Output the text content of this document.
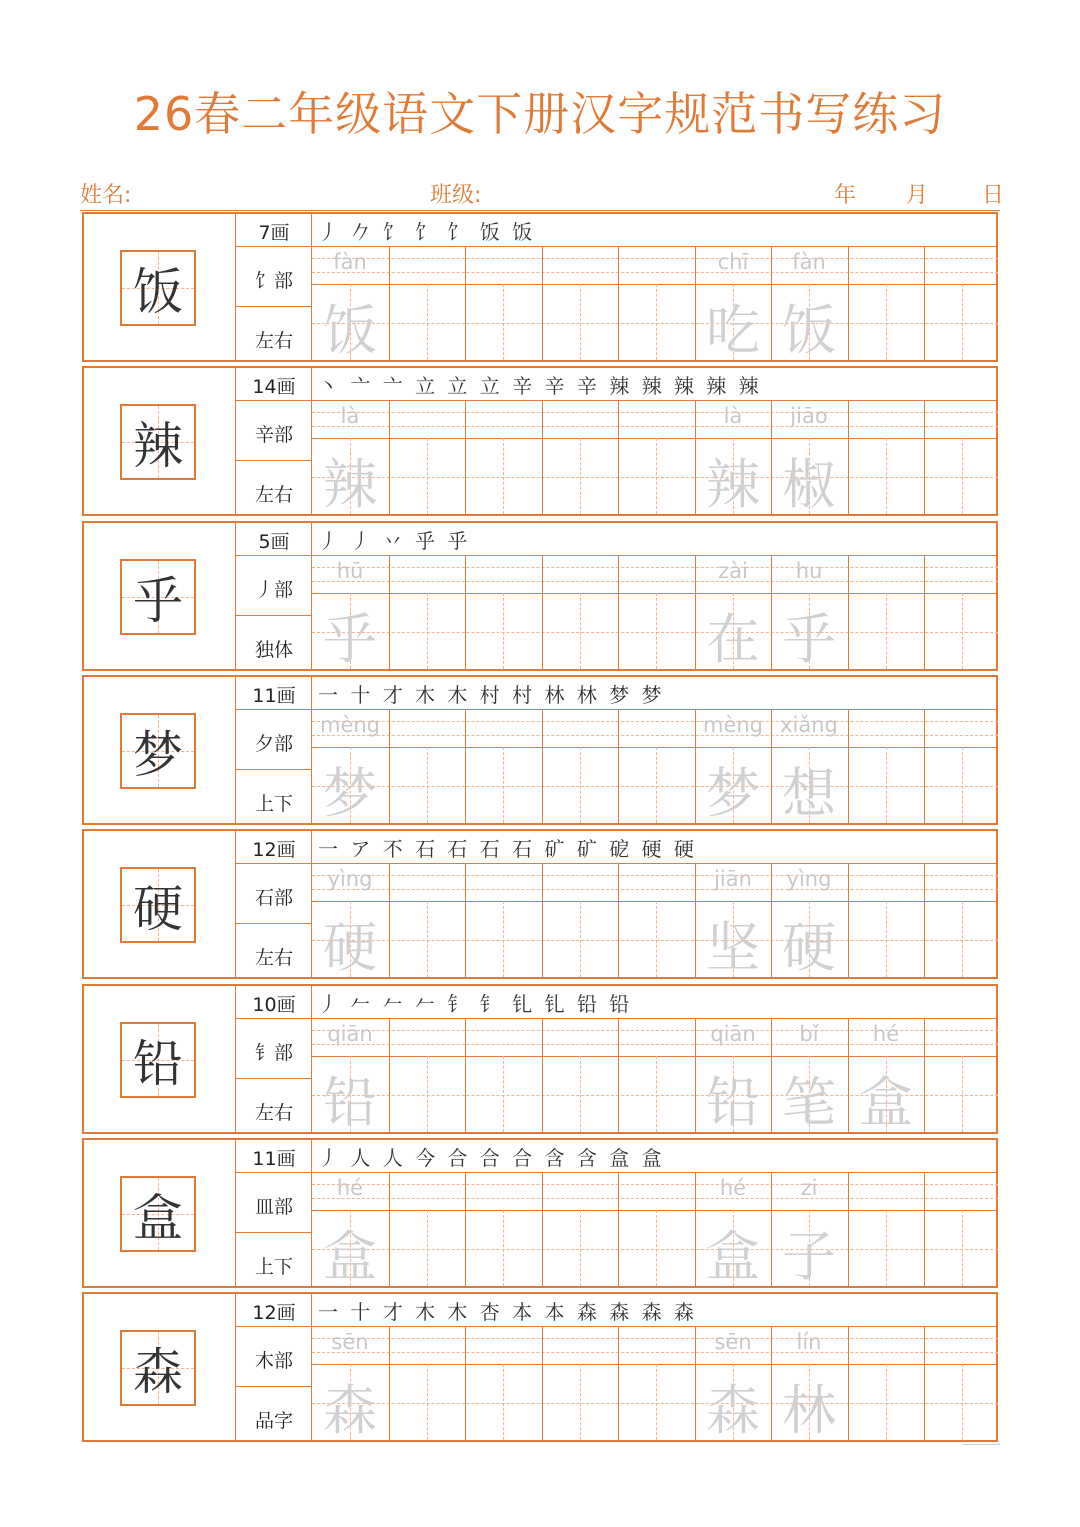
26春二年级语文下册汉字规范书写练习
姓名:	班级:	年 月 日
饭
7画
饣部
左右
丿 𠂊 饣 饣 饣 饭 饭
fàn
饭
chī
吃
fàn
饭
辣
14画
辛部
左右
丶 亠 亠 立 立 立 辛 辛 辛 辣 辣 辣 辣 辣
là
辣
là
辣
jiāo
椒
乎
5画
丿部
独体
丿 丿 丷 乎 乎
hū
乎
zài
在
hu
乎
梦
11画
夕部
上下
一 十 才 木 木 村 村 林 林 梦 梦
mèng
梦
mèng
梦
xiǎng
想
硬
12画
石部
左右
一 ア 不 石 石 石 石 矿 矿 砨 硬 硬
yìng
硬
jiān
坚
yìng
硬
铅
10画
钅部
左右
丿 𠂉 𠂉 𠂉 钅 钅 钆 钆 铅 铅
qiān
铅
qiān
铅
bǐ
笔
hé
盒
盒
11画
皿部
上下
丿 人 人 今 合 合 合 含 含 盒 盒
hé
盒
hé
盒
zi
子
森
12画
木部
品字
一 十 才 木 木 杏 本 本 森 森 森 森
sēn
森
sēn
森
lín
林
